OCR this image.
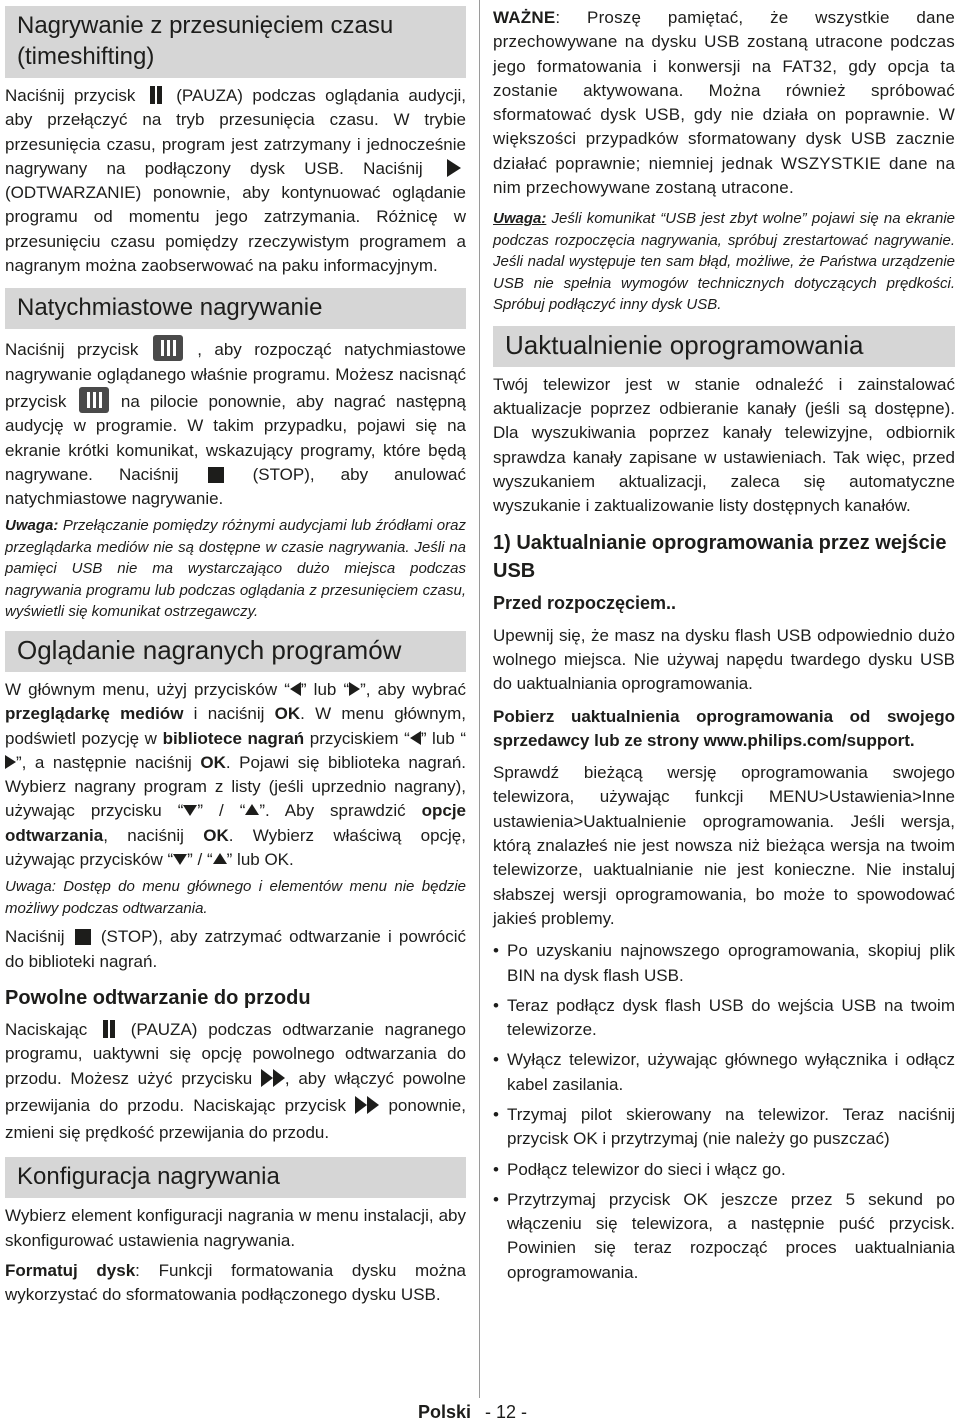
Nagrywanie z przesunięciem czasu (timeshifting)

Naciśnij przycisk (PAUZA) podczas oglądania audycji, aby przełączyć na tryb przesunięcia czasu. W trybie przesunięcia czasu, program jest zatrzymany i jednocześnie nagrywany na podłączony dysk USB. Naciśnij  (ODTWARZANIE) ponownie, aby kontynuować oglądanie programu od momentu jego zatrzymania. Różnicę w przesunięciu czasu pomiędzy rzeczywistym programem a nagranym można zaobserwować na paku informacyjnym.

Natychmiastowe nagrywanie

Naciśnij przycisk	, aby rozpocząć natychmiastowe nagrywanie oglądanego właśnie programu. Możesz nacisnąć przycisk	na pilocie ponownie, aby nagrać następną audycję w programie. W takim przypadku, pojawi się na ekranie krótki komunikat, wskazujący programy, które będą nagrywane. Naciśnij	(STOP), aby anulować natychmiastowe nagrywanie.

Uwaga: Przełączanie pomiędzy różnymi audycjami lub źródłami oraz przeglądarka mediów nie są dostępne w czasie nagrywania. Jeśli na pamięci USB nie ma wystarczająco dużo miejsca podczas nagrywania programu lub podczas oglądania z przesunięciem czasu, wyświetli się komunikat ostrzegawczy.
Oglądanie nagranych programów

W głównym menu, użyj przycisków “ ” lub “ ”, aby wybrać przeglądarkę mediów i naciśnij OK. W menu głównym, podświetl pozycję w bibliotece nagrań przyciskiem “ ” lub “”, a następnie naciśnij OK. Pojawi się biblioteka nagrań. Wybierz nagrany program z listy (jeśli uprzednio nagrany), używając przycisku “ ” / “ ”. Aby sprawdzić opcje odtwarzania, naciśnij OK. Wybierz właściwą opcję, używając przycisków “ ” / “ ” lub OK.

Uwaga: Dostęp do menu głównego i elementów menu nie będzie możliwy podczas odtwarzania.

Naciśnij (STOP), aby zatrzymać odtwarzanie i powrócić do biblioteki nagrań.

Powolne odtwarzanie do przodu

Naciskając	(PAUZA) podczas odtwarzanie nagranego programu, uaktywni się opcję powolnego odtwarzania do przodu. Możesz użyć przycisku , aby włączyć powolne przewijania do przodu. Naciskając przycisk ponownie, zmieni się prędkość przewijania do przodu.

Konfiguracja nagrywania

Wybierz element konfiguracji nagrania w menu instalacji, aby skonfigurować ustawienia nagrywania.

Formatuj dysk: Funkcji formatowania dysku można wykorzystać do sformatowania podłączonego dysku USB.

WAŻNE: Proszę pamiętać, że wszystkie dane przechowywane na dysku USB zostaną utracone podczas jego formatowania i konwersji na FAT32, gdy opcja ta zostanie aktywowana. Można również spróbować sformatować dysk USB, gdy nie działa on poprawnie. W większości przypadków sformatowany dysk USB zacznie działać poprawnie; niemniej jednak WSZYSTKIE dane na nim przechowywane zostaną utracone.

Uwaga: Jeśli komunikat “USB jest zbyt wolne” pojawi się na ekranie podczas rozpoczęcia nagrywania, spróbuj zrestartować nagrywanie. Jeśli nadal występuje ten sam błąd, możliwe, że Państwa urządzenie USB nie spełnia wymogów technicznych dotyczących prędkości. Spróbuj podłączyć inny dysk USB.
Uaktualnienie oprogramowania

Twój telewizor jest w stanie odnaleźć i zainstalować aktualizacje poprzez odbieranie kanały (jeśli są dostępne). Dla wyszukiwania poprzez kanały telewizyjne, odbiornik sprawdza kanały zapisane w ustawieniach. Tak więc, przed wyszukaniem aktualizacji, zaleca się automatyczne wyszukanie i zaktualizowanie listy dostępnych kanałów.

1) Uaktualnianie oprogramowania przez wejście USB
Przed rozpoczęciem..

Upewnij się, że masz na dysku flash USB odpowiednio dużo wolnego miejsca. Nie używaj napędu twardego dysku USB do uaktualniania oprogramowania.

Pobierz uaktualnienia oprogramowania od swojego sprzedawcy lub ze strony www.philips.com/support.

Sprawdź bieżącą wersję oprogramowania swojego telewizora, używając funkcji MENU>Ustawienia>Inne ustawienia>Uaktualnienie oprogramowania. Jeśli wersja, którą znalazłeś nie jest nowsza niż bieżąca wersja na twoim telewizorze, uaktualnianie nie jest konieczne. Nie instaluj słabszej wersji oprogramowania, bo może to spowodować jakieś problemy.

• Po uzyskaniu najnowszego oprogramowania, skopiuj plik BIN na dysk flash USB.
• Teraz podłącz dysk flash USB do wejścia USB na twoim telewizorze.
• Wyłącz telewizor, używając głównego wyłącznika i odłącz kabel zasilania.
• Trzymaj pilot skierowany na telewizor. Teraz naciśnij przycisk OK i przytrzymaj (nie należy go puszczać)
• Podłącz telewizor do sieci i włącz go.
• Przytrzymaj przycisk OK jeszcze przez 5 sekund po włączeniu się telewizora, a następnie puść przycisk. Powinien się teraz rozpocząć proces uaktualniania oprogramowania.
Polski - 12 -
